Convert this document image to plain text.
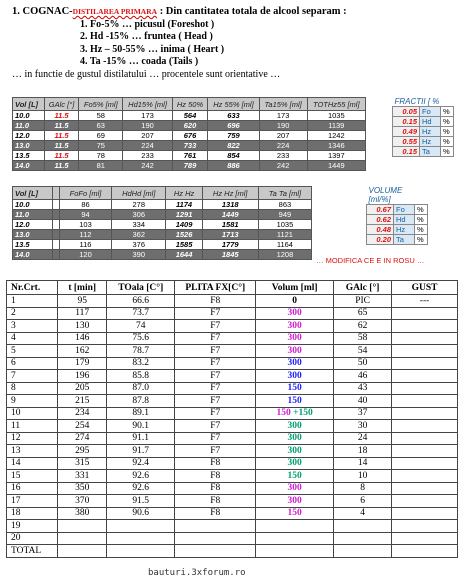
1. COGNAC-DISTILAREA PRIMARA : Din cantitatea totala de alcool separam :
1. Fo-5% … picusul (Foreshot )
2. Hd -15% … fruntea ( Head )
3. Hz – 50-55% … inima ( Heart )
4. Ta -15% … coada (Tails )
… in functie de gustul distilatului … procentele sunt orientative …
Vol [L]	GAlc [°]	Fo5% [ml]	Hd15% [ml]	Hz 50%	Hz 55% [ml]	Ta15% [ml]	TOTHz55 [ml]
10.0	11.5	58	173	564	633	173	1035
11.0	11.5	63	190	620	696	190	1139
12.0	11.5	69	207	676	759	207	1242
13.0	11.5	75	224	733	822	224	1346
13.5	11.5	78	233	761	854	233	1397
14.0	11.5	81	242	789	886	242	1449
FRACTII [ %		
0.05	Fo	%
0.15	Hd	%
0.49	Hz	%
0.55	Hz	%
0.15	Ta	%
Vol [L]		FoFo [ml]	HdHd [ml]	Hz Hz	Hz Hz [ml]	Ta Ta [ml]
10.0		86	278	1174	1318	863
11.0		94	306	1291	1449	949
12.0		103	334	1409	1581	1035
13.0		112	362	1526	1713	1121
13.5		116	376	1585	1779	1164
14.0		120	390	1644	1845	1208
VOLUME [ml/%]		
0.67	Fo	%
0.62	Hd	%
0.48	Hz	%
0.20	Ta	%
… MODIFICA CE E IN ROSU …
Nr.Crt.	t [min]	TOala [C°]	PLITA FX[C°]	Volum [ml]	GAlc [°]	GUST
1	95	66.6	F8	0	PIC	---
2	117	73.7	F7	300	65	
3	130	74	F7	300	62	
4	146	75.6	F7	300	58	
5	162	78.7	F7	300	54	
6	179	83.2	F7	300	50	
7	196	85.8	F7	300	46	
8	205	87.0	F7	150	43	
9	215	87.8	F7	150	40	
10	234	89.1	F7	150 +150	37	
11	254	90.1	F7	300	30	
12	274	91.1	F7	300	24	
13	295	91.7	F7	300	18	
14	315	92.4	F8	300	14	
15	331	92.6	F8	150	10	
16	350	92.6	F8	300	8	
17	370	91.5	F8	300	6	
18	380	90.6	F8	150	4	
19						
20						
TOTAL						
bauturi.3xforum.ro
